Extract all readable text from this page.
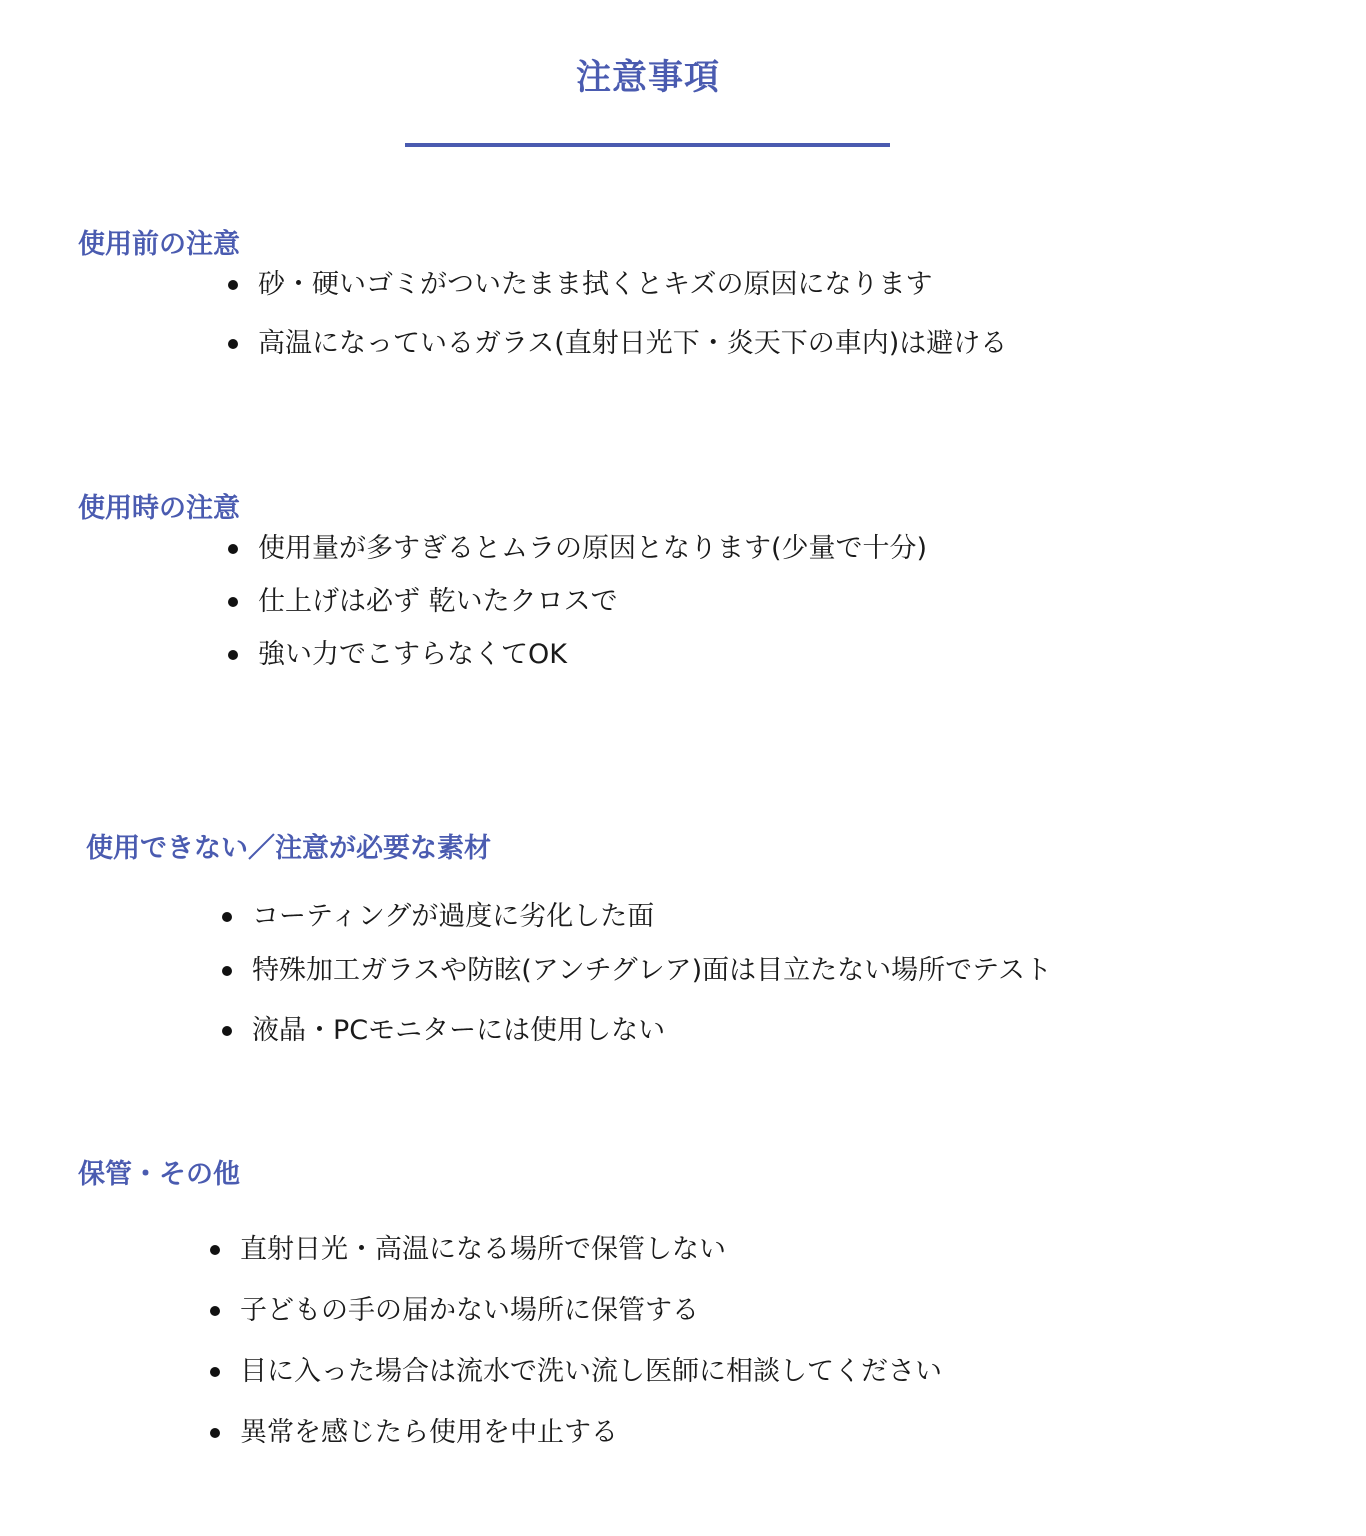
注意事項
使用前の注意
砂・硬いゴミがついたまま拭くとキズの原因になります
高温になっているガラス(直射日光下・炎天下の車内)は避ける
使用時の注意
使用量が多すぎるとムラの原因となります(少量で十分)
仕上げは必ず 乾いたクロスで
強い力でこすらなくてOK
使用できない／注意が必要な素材
コーティングが過度に劣化した面
特殊加工ガラスや防眩(アンチグレア)面は目立たない場所でテスト
液晶・PCモニターには使用しない
保管・その他
直射日光・高温になる場所で保管しない
子どもの手の届かない場所に保管する
目に入った場合は流水で洗い流し医師に相談してください
異常を感じたら使用を中止する
